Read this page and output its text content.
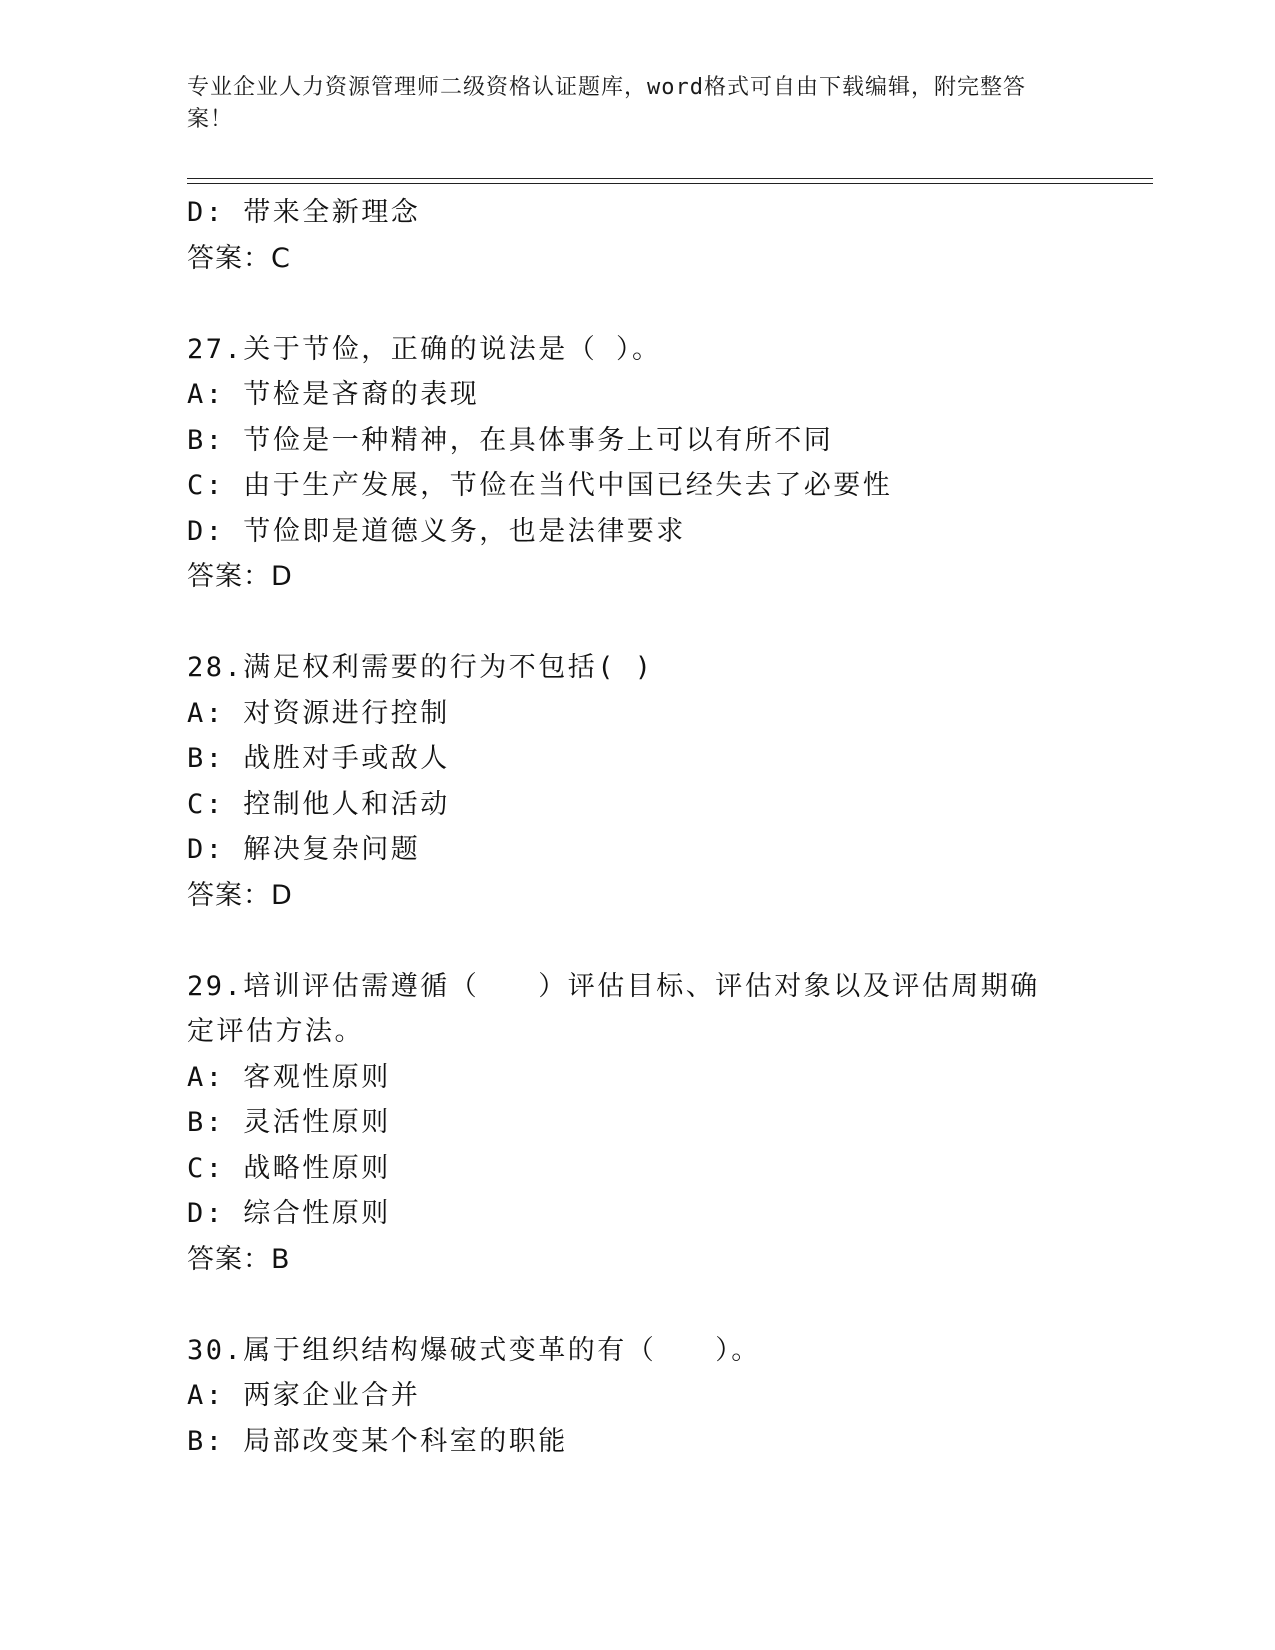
专业企业人力资源管理师二级资格认证题库，word格式可自由下载编辑，附完整答案！
D: 带来全新理念
答案：C
27.关于节俭，正确的说法是（ ）。
A: 节检是吝裔的表现
B: 节俭是一种精神，在具体事务上可以有所不同
C: 由于生产发展，节俭在当代中国已经失去了必要性
D: 节俭即是道德义务，也是法律要求
答案：D
28.满足权利需要的行为不包括( )
A: 对资源进行控制
B: 战胜对手或敌人
C: 控制他人和活动
D: 解决复杂问题
答案：D
29.培训评估需遵循（　　）评估目标、评估对象以及评估周期确定评估方法。
A: 客观性原则
B: 灵活性原则
C: 战略性原则
D: 综合性原则
答案：B
30.属于组织结构爆破式变革的有（　　）。
A: 两家企业合并
B: 局部改变某个科室的职能
